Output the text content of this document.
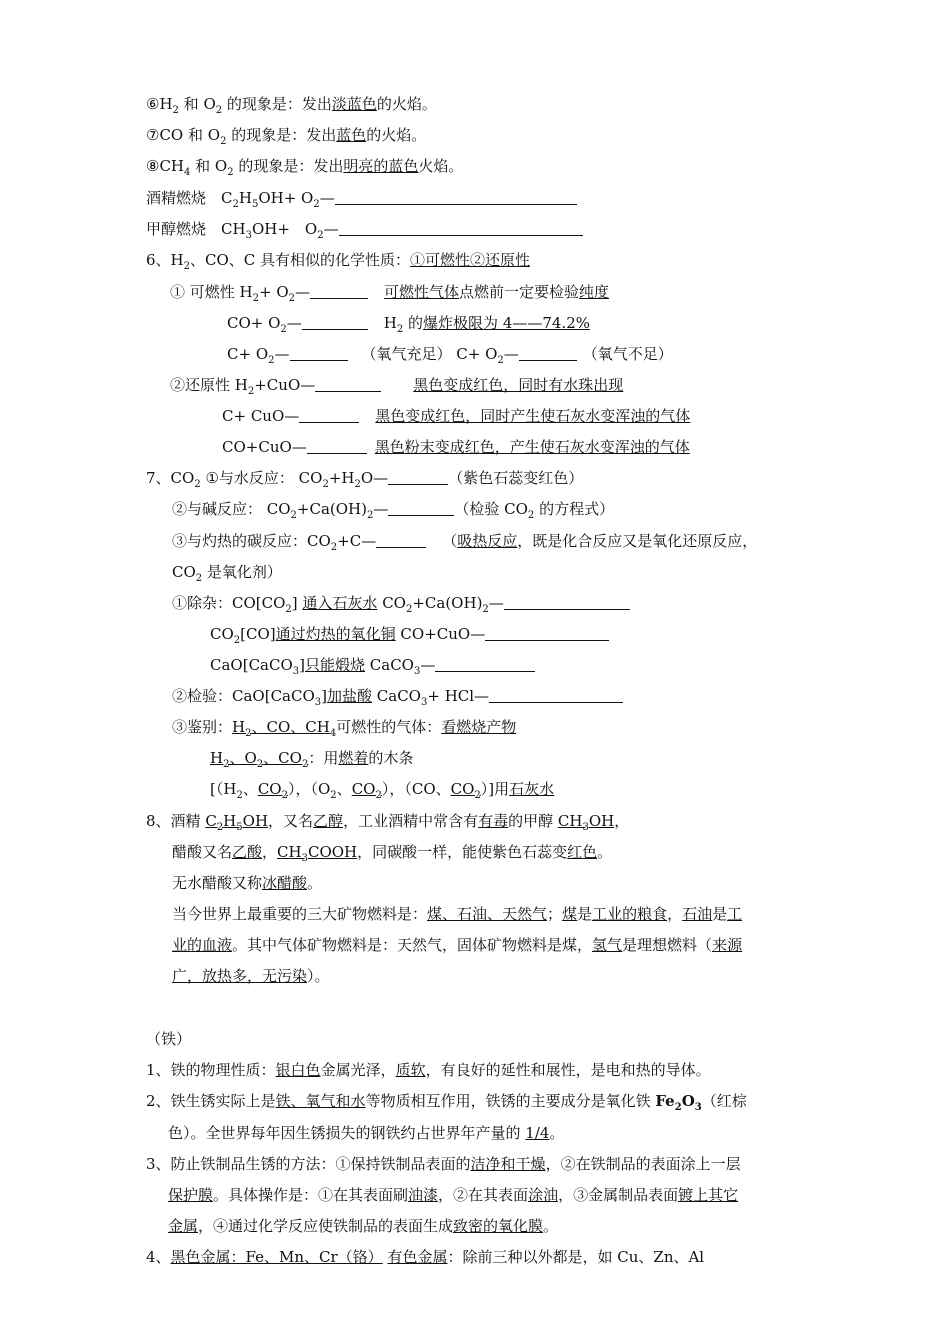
$⑥H_2$ 和 $O_2$ 的现象是：发出淡蓝色的火焰。
⑦CO 和 $O_2$ 的现象是：发出蓝色的火焰。
$⑧CH_4$ 和 $O_2$ 的现象是：发出明亮的蓝色火焰。
酒精燃烧　$C_2H_5OH+$ $O_2—$
甲醇燃烧　$CH_3OH+$　$O_2—$
6、$H_2$、CO、C 具有相似的化学性质：①可燃性②还原性
① 可燃性 $H_2+$ $O_2—$	可燃性气体点燃前一定要检验纯度
$CO+ O_2—$	$H_2$ 的爆炸极限为 4——74.2%
$C+ O_2—$	（氧气充足） $C+ O_2—$	（氧气不足）
②还原性 $H_2+CuO—$	黑色变成红色，同时有水珠出现
C+ CuO—	黑色变成红色，同时产生使石灰水变浑浊的气体
CO+CuO—	黑色粉末变成红色，产生使石灰水变浑浊的气体
7、$CO_2$ ①与水反应： $CO_2+H_2O—$	（紫色石蕊变红色）
②与碱反应： $CO_2+Ca(OH)_2—$	（检验 $CO_2$ 的方程式）
③与灼热的碳反应：$CO_2+C—$	（吸热反应，既是化合反应又是氧化还原反应，
$CO_2$ 是氧化剂）
①除杂：$CO[CO_2]$ 通入石灰水 $CO_2+Ca(OH)_2—$
$CO_2[CO]$通过灼热的氧化铜 CO+CuO—
CaO[CaCO$_3$]只能煅烧 CaCO$_3$—
②检验：CaO[CaCO$_3$]加盐酸 CaCO$_3$+ HCl—
③鉴别：$H_2$、CO、$CH_4$可燃性的气体：看燃烧产物
$H_2$、$O_2$、$CO_2$：用燃着的木条
[（$H_2$、$CO_2$），（$O_2$、$CO_2$），（CO、$CO_2$）]用石灰水
8、酒精 $C_2H_5OH$，又名乙醇，工业酒精中常含有有毒的甲醇 $CH_3OH$，
醋酸又名乙酸，$CH_3COOH$，同碳酸一样，能使紫色石蕊变红色。
无水醋酸又称冰醋酸。
当今世界上最重要的三大矿物燃料是：煤、石油、天然气；煤是工业的粮食，石油是工
业的血液。其中气体矿物燃料是：天然气，固体矿物燃料是煤，氢气是理想燃料（来源
广，放热多，无污染）。
（铁）
1、铁的物理性质：银白色金属光泽，质软，有良好的延性和展性，是电和热的导体。
2、铁生锈实际上是铁、氧气和水等物质相互作用，铁锈的主要成分是氧化铁 $Fe_2O_3$（红棕
色）。全世界每年因生锈损失的钢铁约占世界年产量的 1/4。
3、防止铁制品生锈的方法：①保持铁制品表面的洁净和干燥，②在铁制品的表面涂上一层
保护膜。具体操作是：①在其表面刷油漆，②在其表面涂油，③金属制品表面镀上其它
金属，④通过化学反应使铁制品的表面生成致密的氧化膜。
4、黑色金属：Fe、Mn、Cr（铬） 有色金属：除前三种以外都是，如 Cu、Zn、Al
